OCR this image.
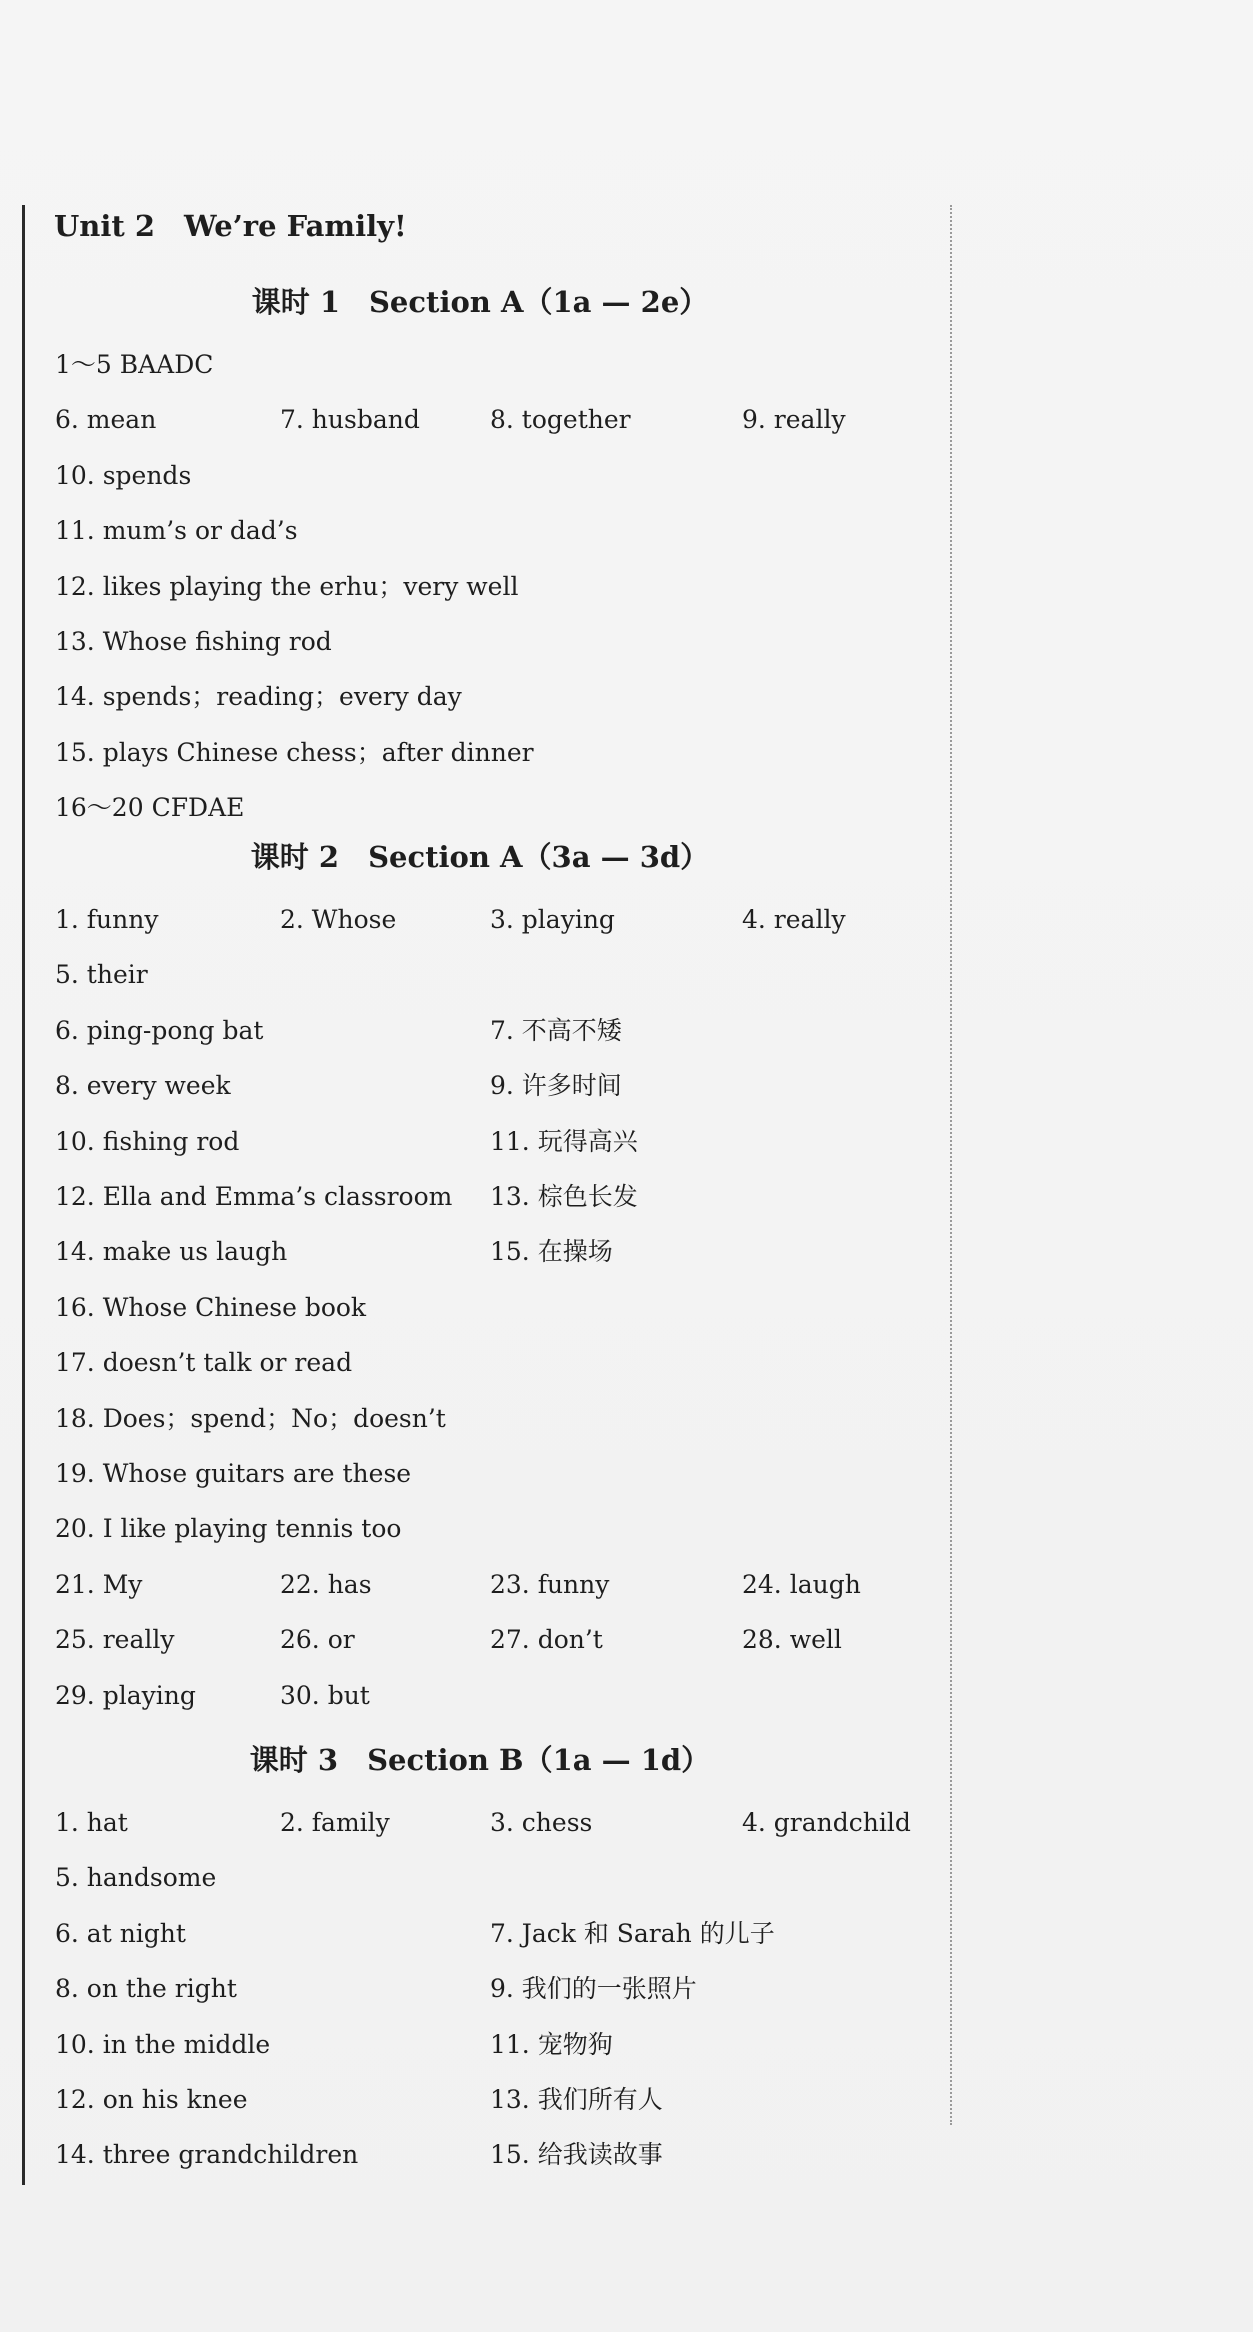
Unit 2　We’re Family!
课时 1　Section A（1a — 2e）
1～5 BAADC
6. mean	7. husband	8. together	9. really
10. spends
11. mum’s or dad’s
12. likes playing the erhu；very well
13. Whose fishing rod
14. spends；reading；every day
15. plays Chinese chess；after dinner
16～20 CFDAE
课时 2　Section A（3a — 3d）
1. funny	2. Whose	3. playing	4. really
5. their
6. ping-pong bat	7. 不高不矮
8. every week	9. 许多时间
10. fishing rod	11. 玩得高兴
12. Ella and Emma’s classroom 13. 棕色长发
14. make us laugh	15. 在操场
16. Whose Chinese book
17. doesn’t talk or read
18. Does；spend；No；doesn’t
19. Whose guitars are these
20. I like playing tennis too
21. My	22. has	23. funny	24. laugh
25. really	26. or	27. don’t	28. well
29. playing	30. but
课时 3　Section B（1a — 1d）
1. hat	2. family	3. chess	4. grandchild
5. handsome
6. at night	7. Jack 和 Sarah 的儿子
8. on the right	9. 我们的一张照片
10. in the middle	11. 宠物狗
12. on his knee	13. 我们所有人
14. three grandchildren	15. 给我读故事
